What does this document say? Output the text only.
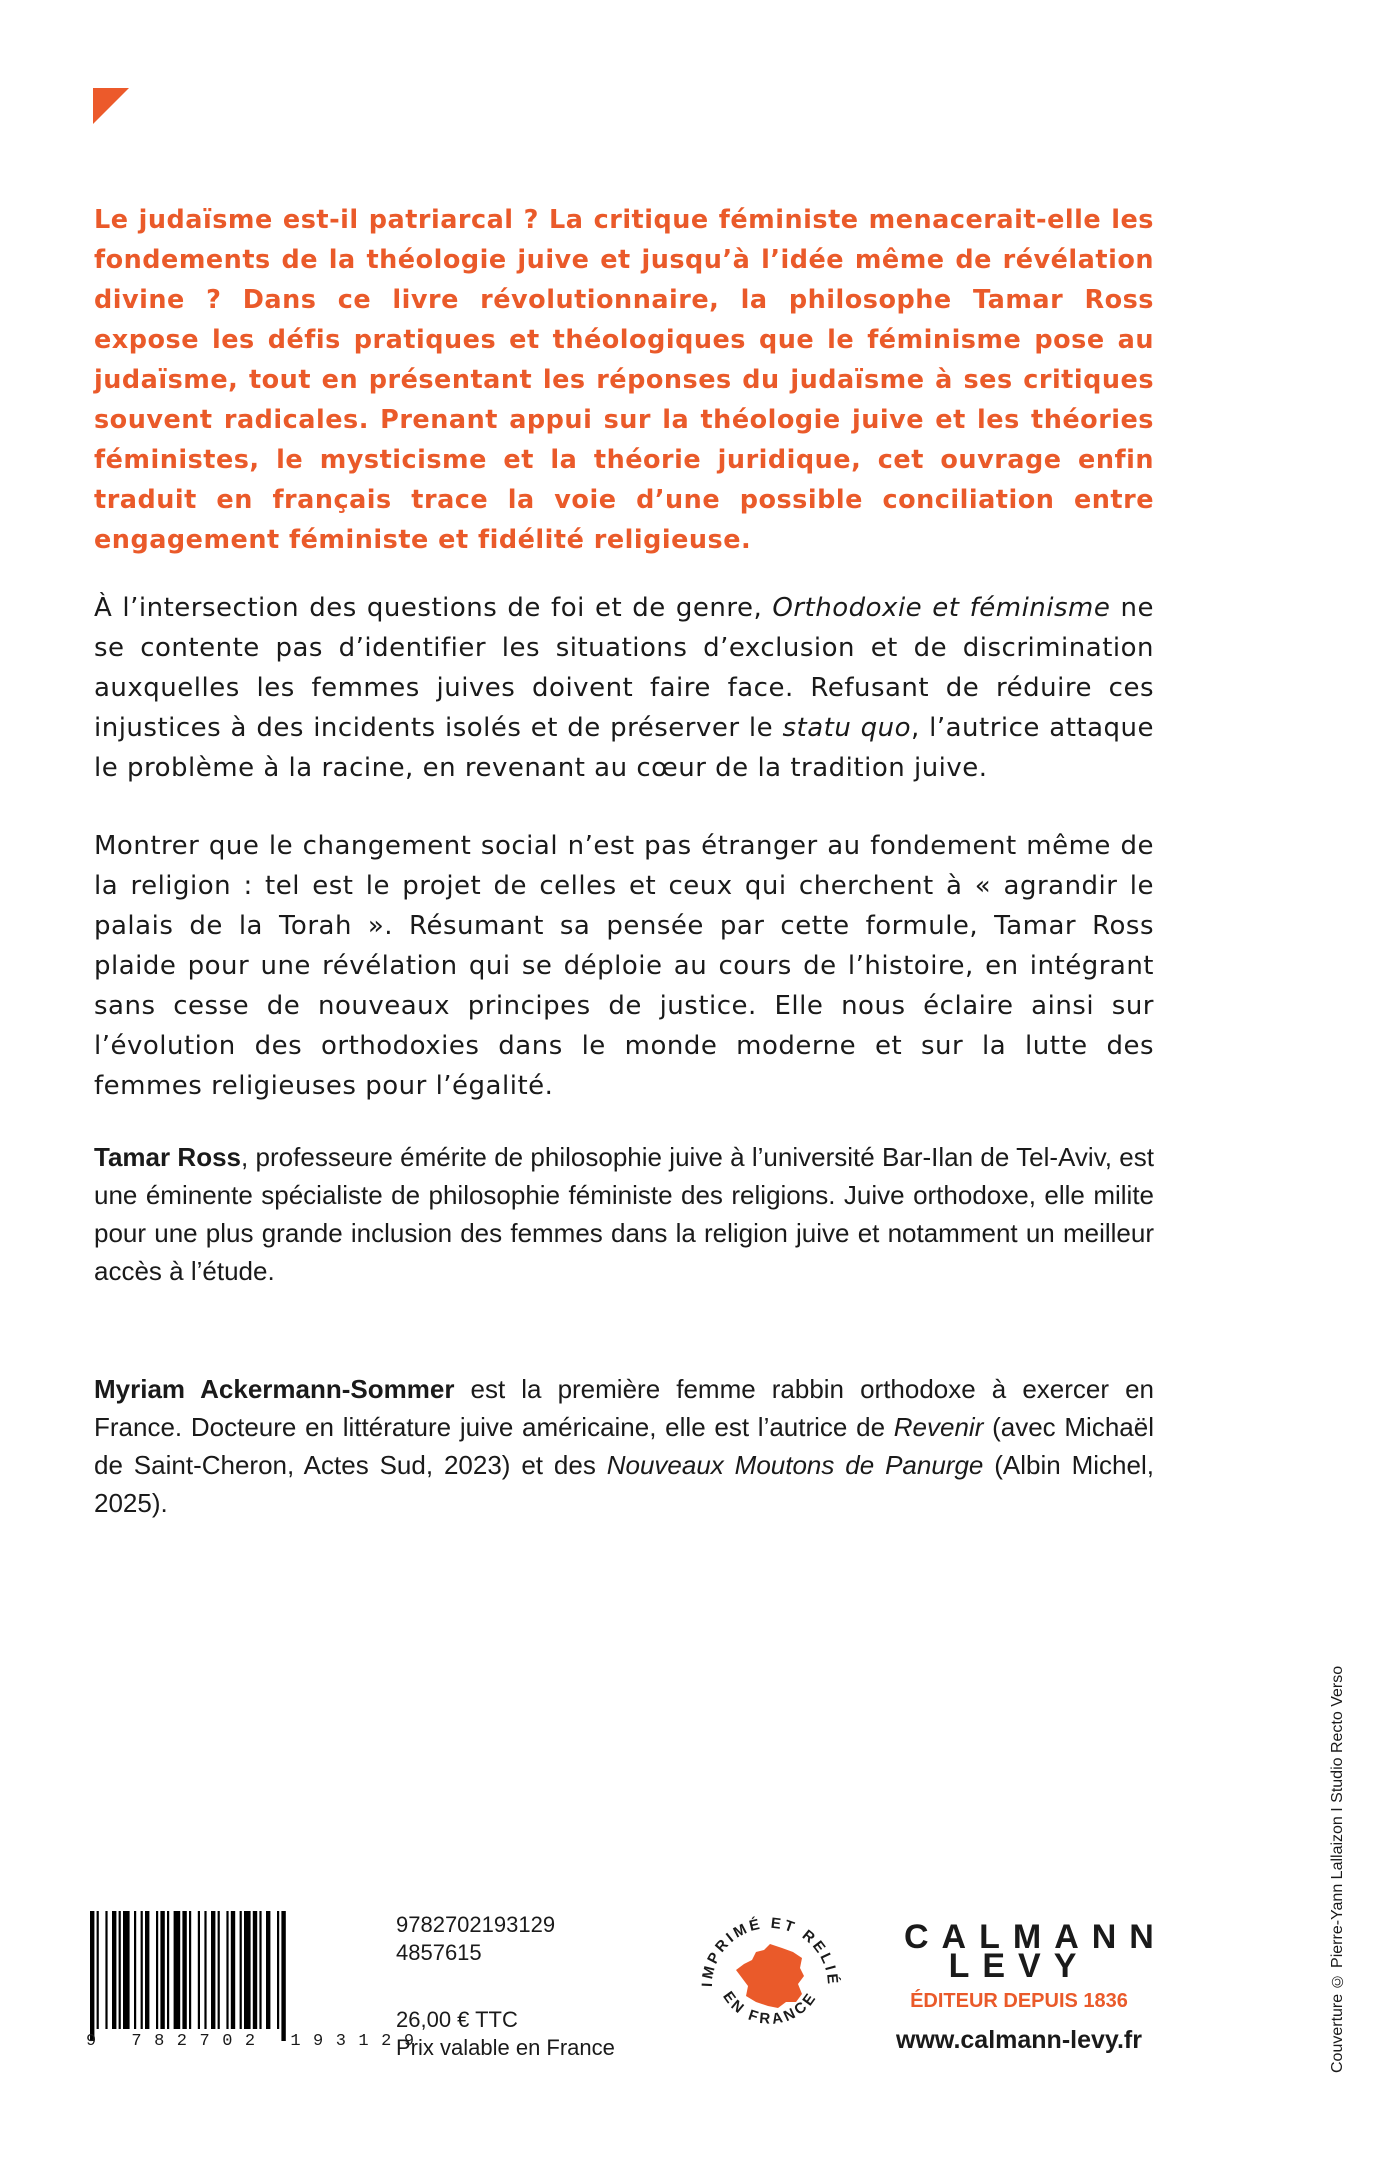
Le judaïsme est-il patriarcal ? La critique féministe menacerait-elle les fondements de la théologie juive et jusqu’à l’idée même de révélation divine ? Dans ce livre révolutionnaire, la philosophe Tamar Ross expose les défis pratiques et théologiques que le féminisme pose au judaïsme, tout en présentant les réponses du judaïsme à ses critiques souvent radicales. Prenant appui sur la théologie juive et les théories féministes, le mysticisme et la théorie juridique, cet ouvrage enfin traduit en français trace la voie d’une possible conciliation entre engagement féministe et fidélité religieuse.

À l’intersection des questions de foi et de genre, Orthodoxie et féminisme ne se contente pas d’identifier les situations d’exclusion et de discrimination auxquelles les femmes juives doivent faire face. Refusant de réduire ces injustices à des incidents isolés et de préserver le statu quo, l’autrice attaque le problème à la racine, en revenant au cœur de la tradition juive.

Montrer que le changement social n’est pas étranger au fondement même de la religion : tel est le projet de celles et ceux qui cherchent à « agrandir le palais de la Torah ». Résumant sa pensée par cette formule, Tamar Ross plaide pour une révélation qui se déploie au cours de l’histoire, en intégrant sans cesse de nouveaux principes de justice. Elle nous éclaire ainsi sur l’évolution des orthodoxies dans le monde moderne et sur la lutte des femmes religieuses pour l’égalité.

Tamar Ross, professeure émérite de philosophie juive à l’université Bar-Ilan de Tel-Aviv, est une éminente spécialiste de philosophie féministe des religions. Juive orthodoxe, elle milite pour une plus grande inclusion des femmes dans la religion juive et notamment un meilleur accès à l’étude.

Myriam Ackermann-Sommer est la première femme rabbin orthodoxe à exercer en France. Docteure en littérature juive américaine, elle est l’autrice de Revenir (avec Michaël de Saint-Cheron, Actes Sud, 2023) et des Nouveaux Moutons de Panurge (Albin Michel, 2025).

Couverture © Pierre-Yann Lallaizon I Studio Recto Verso
9 782702 193129
9782702193129
4857615
26,00 € TTC
Prix valable en France
IMPRIMÉ ET RELIÉ
EN FRANCE
CALMANN
LEVY
ÉDITEUR DEPUIS 1836
www.calmann-levy.fr
